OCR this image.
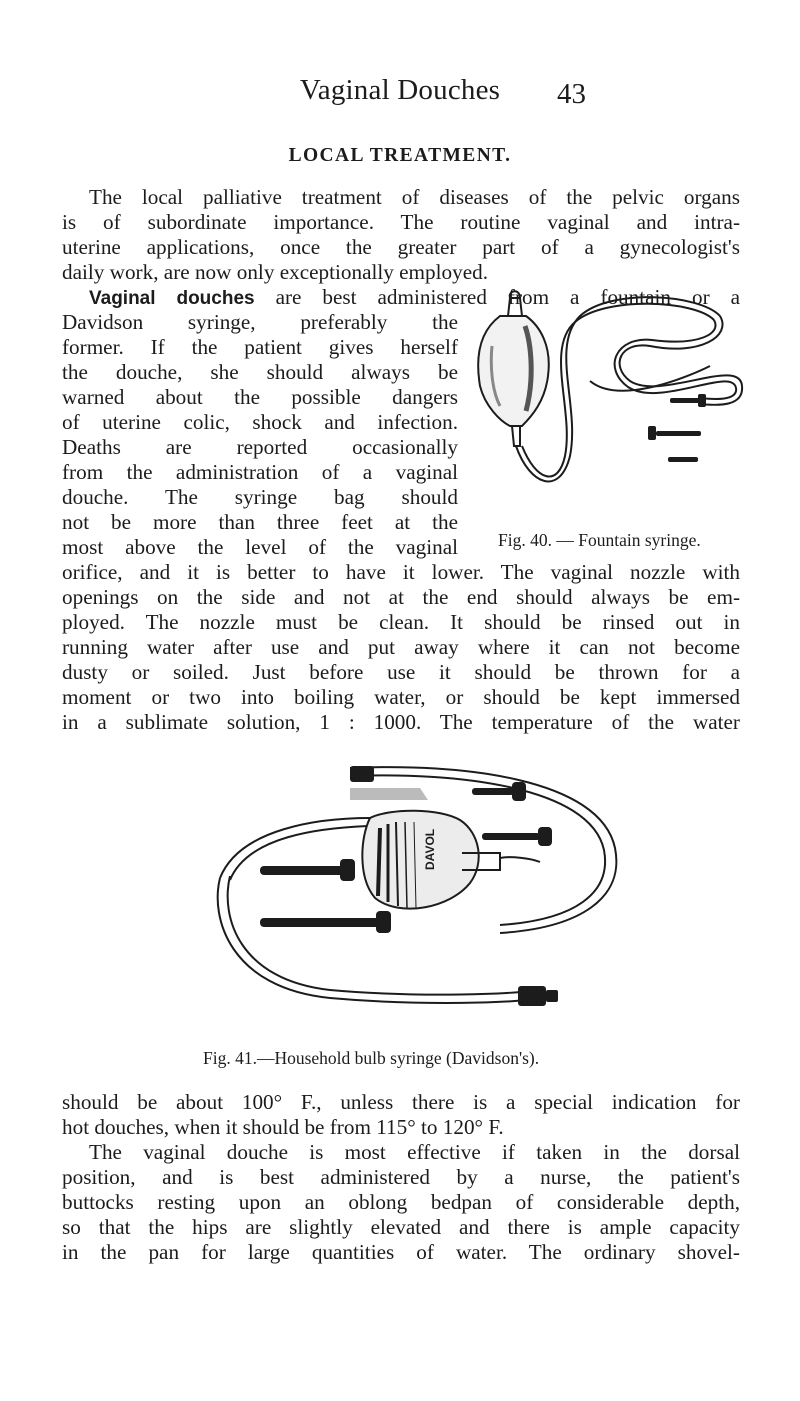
Vaginal Douches	43
LOCAL TREATMENT.
The local palliative treatment of diseases of the pelvic organs
is of subordinate importance. The routine vaginal and intra-
uterine applications, once the greater part of a gynecologist's
daily work, are now only exceptionally employed.
Vaginal douches are best administered from a fountain or a
Davidson syringe, preferably the
former. If the patient gives herself
the douche, she should always be
warned about the possible dangers
of uterine colic, shock and infection.
Deaths are reported occasionally
from the administration of a vaginal
douche. The syringe bag should
not be more than three feet at the
most above the level of the vaginal Fig. 40. — Fountain syringe.
orifice, and it is better to have it lower. The vaginal nozzle with
openings on the side and not at the end should always be em-
ployed. The nozzle must be clean. It should be rinsed out in
running water after use and put away where it can not become
dusty or soiled. Just before use it should be thrown for a
moment or two into boiling water, or should be kept immersed
in a sublimate solution, 1 : 1000. The temperature of the water
DAVOL
Fig. 41.—Household bulb syringe (Davidson's).
should be about 100° F., unless there is a special indication for
hot douches, when it should be from 115° to 120° F.
The vaginal douche is most effective if taken in the dorsal
position, and is best administered by a nurse, the patient's
buttocks resting upon an oblong bedpan of considerable depth,
so that the hips are slightly elevated and there is ample capacity
in the pan for large quantities of water. The ordinary shovel-
